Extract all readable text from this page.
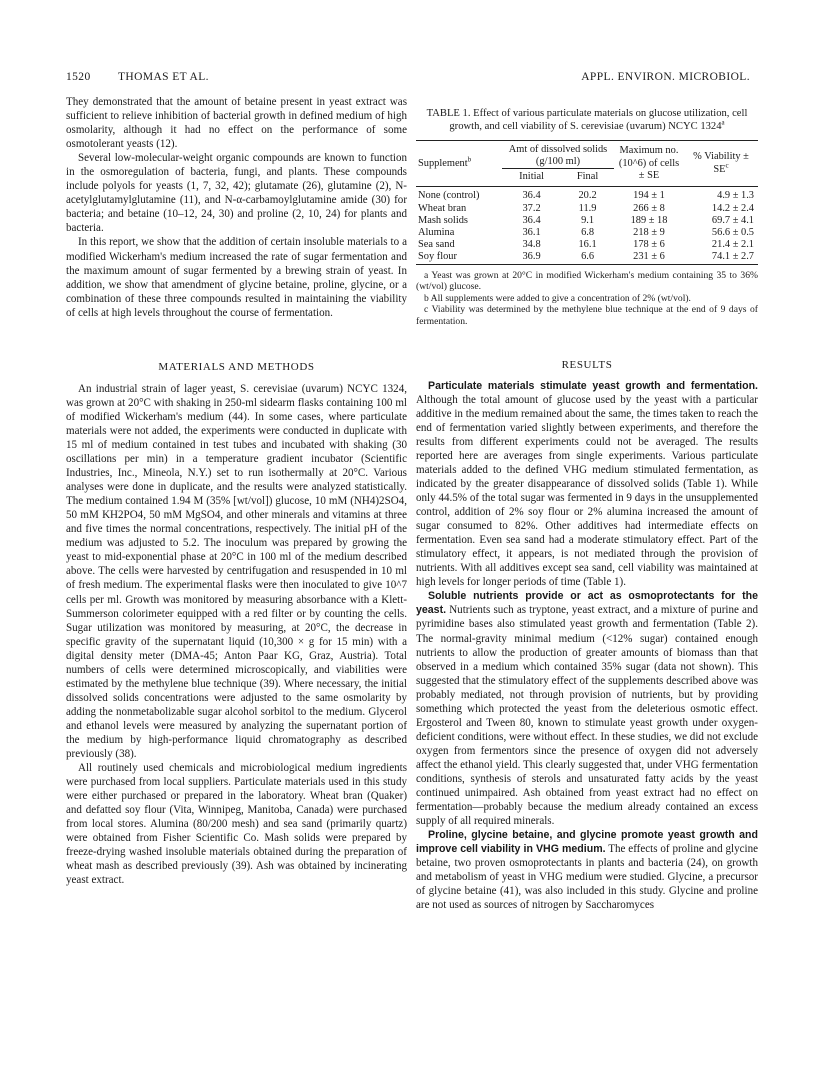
1520 THOMAS ET AL.	APPL. ENVIRON. MICROBIOL.

They demonstrated that the amount of betaine present in yeast extract was sufficient to relieve inhibition of bacterial growth in defined medium of high osmolarity, although it had no effect on the performance of some osmotolerant yeasts (12).

Several low-molecular-weight organic compounds are known to function in the osmoregulation of bacteria, fungi, and plants. These compounds include polyols for yeasts (1, 7, 32, 42); glutamate (26), glutamine (2), N-acetylglutamylglutamine (11), and N-α-carbamoylglutamine amide (30) for bacteria; and betaine (10–12, 24, 30) and proline (2, 10, 24) for plants and bacteria.

In this report, we show that the addition of certain insoluble materials to a modified Wickerham's medium increased the rate of sugar fermentation and the maximum amount of sugar fermented by a brewing strain of yeast. In addition, we show that amendment of glycine betaine, proline, glycine, or a combination of these three compounds resulted in maintaining the viability of cells at high levels throughout the course of fermentation.

MATERIALS AND METHODS

An industrial strain of lager yeast, S. cerevisiae (uvarum) NCYC 1324, was grown at 20°C with shaking in 250-ml sidearm flasks containing 100 ml of modified Wickerham's medium (44). In some cases, where particulate materials were not added, the experiments were conducted in duplicate with 15 ml of medium contained in test tubes and incubated with shaking (30 oscillations per min) in a temperature gradient incubator (Scientific Industries, Inc., Mineola, N.Y.) set to run isothermally at 20°C. Various analyses were done in duplicate, and the results were analyzed statistically. The medium contained 1.94 M (35% [wt/vol]) glucose, 10 mM (NH4)2SO4, 50 mM KH2PO4, 50 mM MgSO4, and other minerals and vitamins at three and five times the normal concentrations, respectively. The initial pH of the medium was adjusted to 5.2. The inoculum was prepared by growing the yeast to mid-exponential phase at 20°C in 100 ml of the medium described above. The cells were harvested by centrifugation and resuspended in 10 ml of fresh medium. The experimental flasks were then inoculated to give 10^7 cells per ml. Growth was monitored by measuring absorbance with a Klett-Summerson colorimeter equipped with a red filter or by counting the cells. Sugar utilization was monitored by measuring, at 20°C, the decrease in specific gravity of the supernatant liquid (10,300 × g for 15 min) with a digital density meter (DMA-45; Anton Paar KG, Graz, Austria). Total numbers of cells were determined microscopically, and viabilities were estimated by the methylene blue technique (39). Where necessary, the initial dissolved solids concentrations were adjusted to the same osmolarity by adding the nonmetabolizable sugar alcohol sorbitol to the medium. Glycerol and ethanol levels were measured by analyzing the supernatant portion of the medium by high-performance liquid chromatography as described previously (38).

All routinely used chemicals and microbiological medium ingredients were purchased from local suppliers. Particulate materials used in this study were either purchased or prepared in the laboratory. Wheat bran (Quaker) and defatted soy flour (Vita, Winnipeg, Manitoba, Canada) were purchased from local stores. Alumina (80/200 mesh) and sea sand (primarily quartz) were obtained from Fisher Scientific Co. Mash solids were prepared by freeze-drying washed insoluble materials obtained during the preparation of wheat mash as described previously (39). Ash was obtained by incinerating yeast extract.

TABLE 1. Effect of various particulate materials on glucose utilization, cell growth, and cell viability of S. cerevisiae (uvarum) NCYC 1324$^a$

Supplement$^b$	Amt of dissolved solids (g/100 ml)		Maximum no. (10^6) of cells ± SE	% Viability ± $SE^c$
	Initial	Final		

None (control)	36.4	20.2	194 ± 1	4.9 ± 1.3
Wheat bran	37.2	11.9	266 ± 8	14.2 ± 2.4
Mash solids	36.4	9.1	189 ± 18	69.7 ± 4.1
Alumina	36.1	6.8	218 ± 9	56.6 ± 0.5
Sea sand	34.8	16.1	178 ± 6	21.4 ± 2.1
Soy flour	36.9	6.6	231 ± 6	74.1 ± 2.7

a Yeast was grown at 20°C in modified Wickerham's medium containing 35 to 36% (wt/vol) glucose.
b All supplements were added to give a concentration of 2% (wt/vol).
c Viability was determined by the methylene blue technique at the end of 9 days of fermentation.
RESULTS

Particulate materials stimulate yeast growth and fermentation. Although the total amount of glucose used by the yeast with a particular additive in the medium remained about the same, the times taken to reach the end of fermentation varied slightly between experiments, and therefore the results from different experiments could not be averaged. The results reported here are averages from single experiments. Various particulate materials added to the defined VHG medium stimulated fermentation, as indicated by the greater disappearance of dissolved solids (Table 1). While only 44.5% of the total sugar was fermented in 9 days in the unsupplemented control, addition of 2% soy flour or 2% alumina increased the amount of sugar consumed to 82%. Other additives had intermediate effects on fermentation. Even sea sand had a moderate stimulatory effect. Part of the stimulatory effect, it appears, is not mediated through the provision of nutrients. With all additives except sea sand, cell viability was maintained at high levels for longer periods of time (Table 1).

Soluble nutrients provide or act as osmoprotectants for the yeast. Nutrients such as tryptone, yeast extract, and a mixture of purine and pyrimidine bases also stimulated yeast growth and fermentation (Table 2). The normal-gravity minimal medium (<12% sugar) contained enough nutrients to allow the production of greater amounts of biomass than that observed in a medium which contained 35% sugar (data not shown). This suggested that the stimulatory effect of the supplements described above was probably mediated, not through provision of nutrients, but by providing something which protected the yeast from the deleterious osmotic effect. Ergosterol and Tween 80, known to stimulate yeast growth under oxygen-deficient conditions, were without effect. In these studies, we did not exclude oxygen from fermentors since the presence of oxygen did not adversely affect the ethanol yield. This clearly suggested that, under VHG fermentation conditions, synthesis of sterols and unsaturated fatty acids by the yeast continued unimpaired. Ash obtained from yeast extract had no effect on fermentation—probably because the medium already contained an excess supply of all required minerals.

Proline, glycine betaine, and glycine promote yeast growth and improve cell viability in VHG medium. The effects of proline and glycine betaine, two proven osmoprotectants in plants and bacteria (24), on growth and metabolism of yeast in VHG medium were studied. Glycine, a precursor of glycine betaine (41), was also included in this study. Glycine and proline are not used as sources of nitrogen by Saccharomyces
